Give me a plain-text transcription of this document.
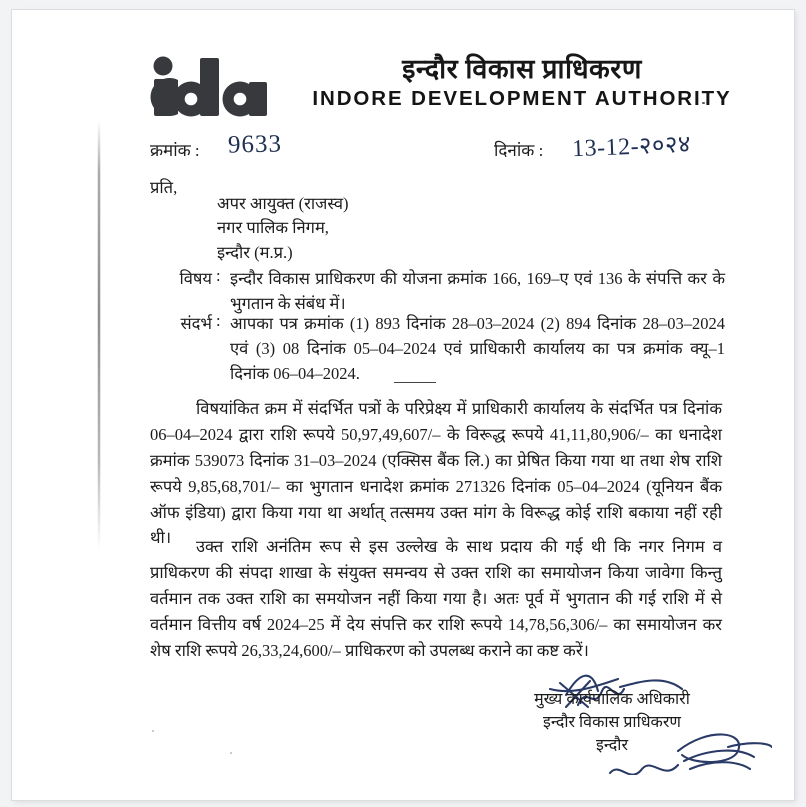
इन्दौर विकास प्राधिकरण
INDORE DEVELOPMENT AUTHORITY
क्रमांक : 9633	दिनांक : 13-12-२०२४
प्रति,
अपर आयुक्त (राजस्व)
नगर पालिक निगम,
इन्दौर (म.प्र.)
विषय : इन्दौर विकास प्राधिकरण की योजना क्रमांक 166, 169–ए एवं 136 के संपत्ति कर के भुगतान के संबंध में।
संदर्भ : आपका पत्र क्रमांक (1) 893 दिनांक 28–03–2024 (2) 894 दिनांक 28–03–2024 एवं (3) 08 दिनांक 05–04–2024 एवं प्राधिकारी कार्यालय का पत्र क्रमांक क्यू–1 दिनांक 06–04–2024.
विषयांकित क्रम में संदर्भित पत्रों के परिप्रेक्ष्य में प्राधिकारी कार्यालय के संदर्भित पत्र दिनांक 06–04–2024 द्वारा राशि रूपये 50,97,49,607/– के विरूद्ध रूपये 41,11,80,906/– का धनादेश क्रमांक 539073 दिनांक 31–03–2024 (एक्सिस बैंक लि.) का प्रेषित किया गया था तथा शेष राशि रूपये 9,85,68,701/– का भुगतान धनादेश क्रमांक 271326 दिनांक 05–04–2024 (यूनियन बैंक ऑफ इंडिया) द्वारा किया गया था अर्थात् तत्समय उक्त मांग के विरूद्ध कोई राशि बकाया नहीं रही थी।	उक्त राशि अनंतिम रूप से इस उल्लेख के साथ प्रदाय की गई थी कि नगर निगम व प्राधिकरण की संपदा शाखा के संयुक्त समन्वय से उक्त राशि का समायोजन किया जावेगा किन्तु वर्तमान तक उक्त राशि का समयोजन नहीं किया गया है। अतः पूर्व में भुगतान की गई राशि में से वर्तमान वित्तीय वर्ष 2024–25 में देय संपत्ति कर राशि रूपये 14,78,56,306/– का समायोजन कर शेष राशि रूपये 26,33,24,600/– प्राधिकरण को उपलब्ध कराने का कष्ट करें।
मुख्य कार्यपालिक अधिकारी
इन्दौर विकास प्राधिकरण
इन्दौर
